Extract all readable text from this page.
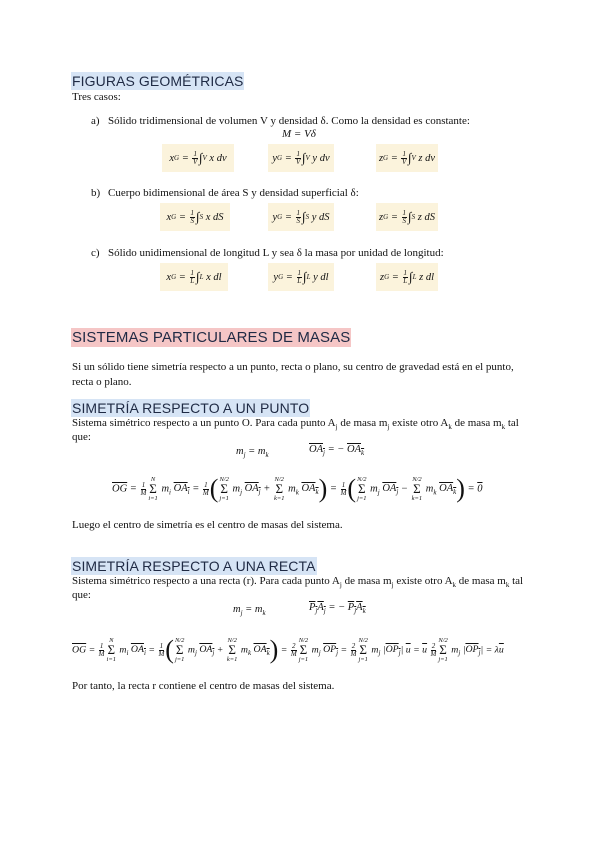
FIGURAS GEOMÉTRICAS
Tres casos:
a) Sólido tridimensional de volumen V y densidad δ. Como la densidad es constante:
M = Vδ
x $G = \frac{1}{V}$ ∫ V x dv	y $G = \frac{1}{V}$ ∫ V y dv	z $G = \frac{1}{V}$ ∫ V z dv
b) Cuerpo bidimensional de área S y densidad superficial δ:
x $G = \frac{1}{S}$ ∫ S x dS	y $G = \frac{1}{S}$ ∫ S y dS	z $G = \frac{1}{S}$ ∫ S z dS
c) Sólido unidimensional de longitud L y sea δ la masa por unidad de longitud:
x $G = \frac{1}{L}$ ∫ L x dl	y $G = \frac{1}{L}$ ∫ L y dl	z $G = \frac{1}{L}$ ∫ L z dl
SISTEMAS PARTICULARES DE MASAS
Si un sólido tiene simetría respecto a un punto, recta o plano, su centro de gravedad está en el punto, recta o plano.
SIMETRÍA RESPECTO A UN PUNTO
Sistema simétrico respecto a un punto O. Para cada punto $A_j$ de masa $m_j$ existe otro $A_k$ de masa $m_k$ tal
que:
$m_j = m_k$
$OA_j$ = − $OA_k$
$\overline{OG} = \frac{1}{M}$
N
Σ
i=1
$m_i$ $OA_i = \frac{1}{M}$ ( N/2
Σ
j=1
$m_j$ $OA_j$ +
N/2
Σ
k=1
$m_k$ $OA_k) = \frac{1}{M}$ ( N/2
Σ
j=1
$m_j$ $OA_j$ −
N/2
Σ
k=1
$m_k$ $OA_k) = 0$
Luego el centro de simetría es el centro de masas del sistema.
SIMETRÍA RESPECTO A UNA RECTA
Sistema simétrico respecto a una recta (r). Para cada punto $A_j$ de masa $m_j$ existe otro $A_k$ de masa $m_k$ tal
que:
$m_j = m_k$
$P_jA_j$ = − $P_jA_k$
$\overline{OG} = \frac{1}{M}$
N
Σ
i=1
$m_i$ $OA_i = \frac{1}{M}$ ( N/2
Σ
j=1
$m_j$ $OA_j$ +
N/2
Σ
k=1
$m_k$ $OA_k) = \frac{2}{M}$
N/2
Σ
j=1
$m_j$ $OP_j = \frac{2}{M}$
N/2
Σ
j=1
$m_j$ $|OP_j|$ $\overline{u} = \overline{u} \frac{2}{M}$
N/2
Σ
j=1
$m_j$ $|OP_j| = \lambda\overline{u}$
Por tanto, la recta r contiene el centro de masas del sistema.
